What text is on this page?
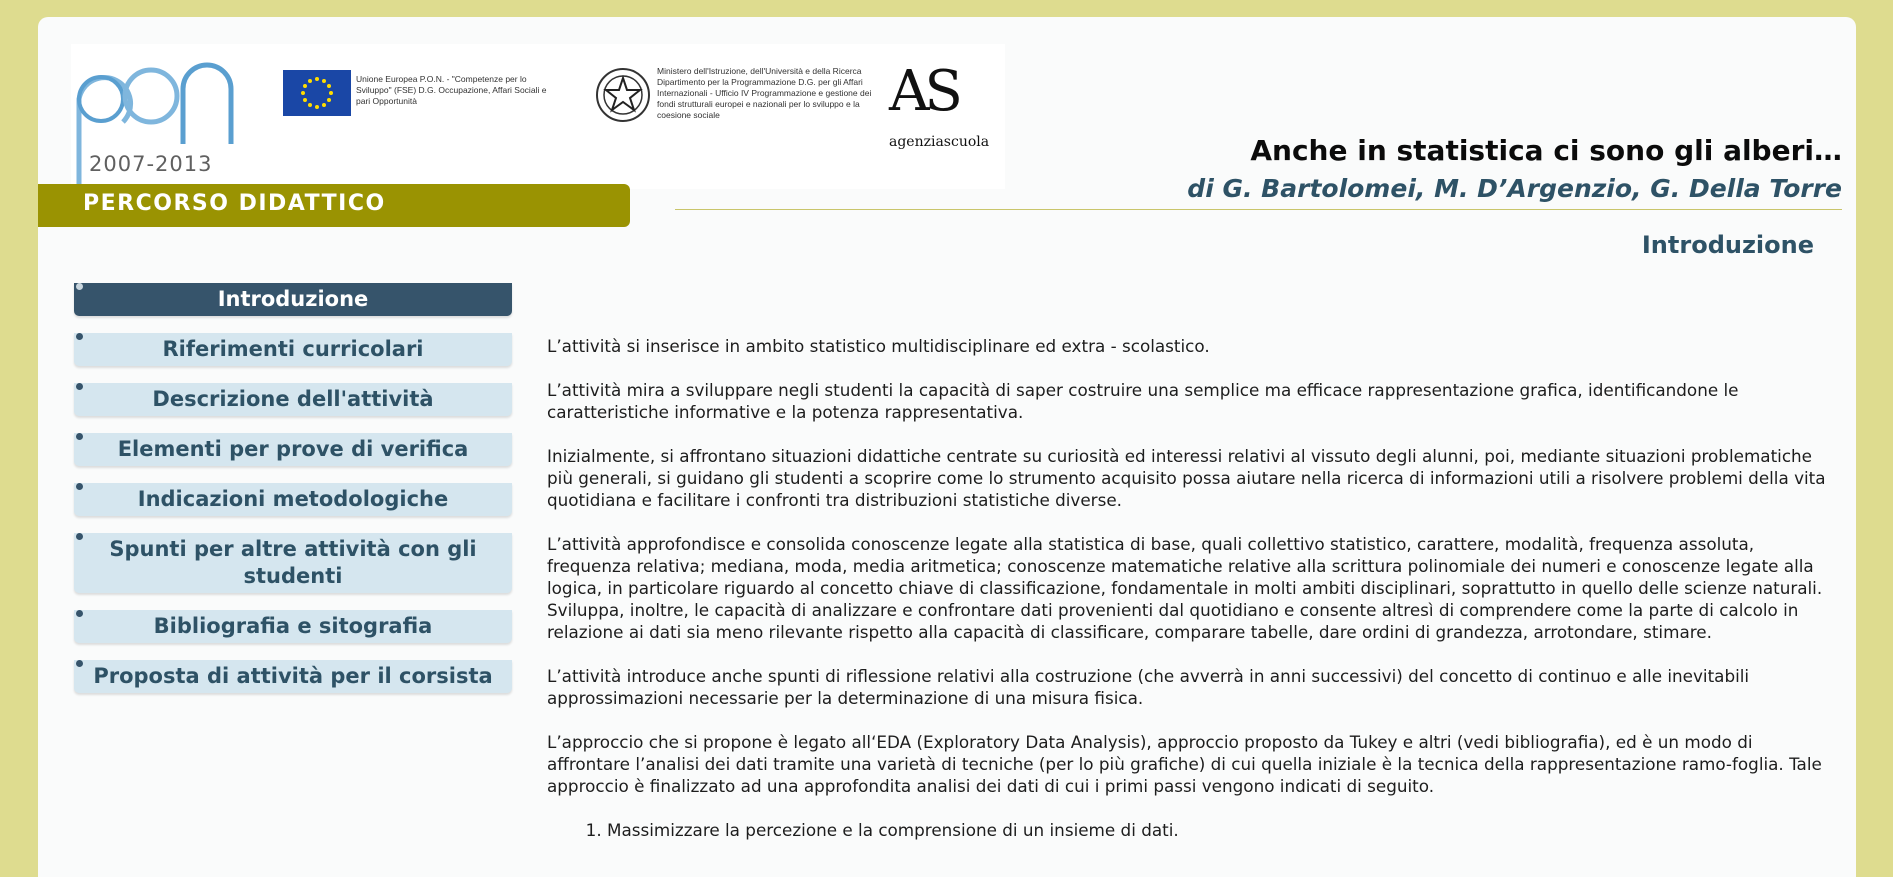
2007-2013
Unione Europea P.O.N. - "Competenze per lo Sviluppo" (FSE) D.G. Occupazione, Affari Sociali e pari Opportunità
Ministero dell'Istruzione, dell'Università e della Ricerca Dipartimento per la Programmazione D.G. per gli Affari Internazionali - Ufficio IV Programmazione e gestione dei fondi strutturali europei e nazionali per lo sviluppo e la coesione sociale	AS
agenziascuola	Anche in statistica ci sono gli alberi…
di G. Bartolomei, M. D’Argenzio, G. Della Torre
PERCORSO DIDATTICO
Introduzione
Introduzione
Riferimenti curricolari
Descrizione dell'attività
Elementi per prove di verifica
Indicazioni metodologiche
Spunti per altre attività con gli studenti
Bibliografia e sitografia
Proposta di attività per il corsista

L’attività si inserisce in ambito statistico multidisciplinare ed extra - scolastico.

L’attività mira a sviluppare negli studenti la capacità di saper costruire una semplice ma efficace rappresentazione grafica, identificandone le caratteristiche informative e la potenza rappresentativa.

Inizialmente, si affrontano situazioni didattiche centrate su curiosità ed interessi relativi al vissuto degli alunni, poi, mediante situazioni problematiche più generali, si guidano gli studenti a scoprire come lo strumento acquisito possa aiutare nella ricerca di informazioni utili a risolvere problemi della vita quotidiana e facilitare i confronti tra distribuzioni statistiche diverse.

L’attività approfondisce e consolida conoscenze legate alla statistica di base, quali collettivo statistico, carattere, modalità, frequenza assoluta, frequenza relativa; mediana, moda, media aritmetica; conoscenze matematiche relative alla scrittura polinomiale dei numeri e conoscenze legate alla logica, in particolare riguardo al concetto chiave di classificazione, fondamentale in molti ambiti disciplinari, soprattutto in quello delle scienze naturali. Sviluppa, inoltre, le capacità di analizzare e confrontare dati provenienti dal quotidiano e consente altresì di comprendere come la parte di calcolo in relazione ai dati sia meno rilevante rispetto alla capacità di classificare, comparare tabelle, dare ordini di grandezza, arrotondare, stimare.

L’attività introduce anche spunti di riflessione relativi alla costruzione (che avverrà in anni successivi) del concetto di continuo e alle inevitabili approssimazioni necessarie per la determinazione di una misura fisica.

L’approccio che si propone è legato all‘EDA (Exploratory Data Analysis), approccio proposto da Tukey e altri (vedi bibliografia), ed è un modo di affrontare l’analisi dei dati tramite una varietà di tecniche (per lo più grafiche) di cui quella iniziale è la tecnica della rappresentazione ramo-foglia. Tale approccio è finalizzato ad una approfondita analisi dei dati di cui i primi passi vengono indicati di seguito.

1. Massimizzare la percezione e la comprensione di un insieme di dati.
